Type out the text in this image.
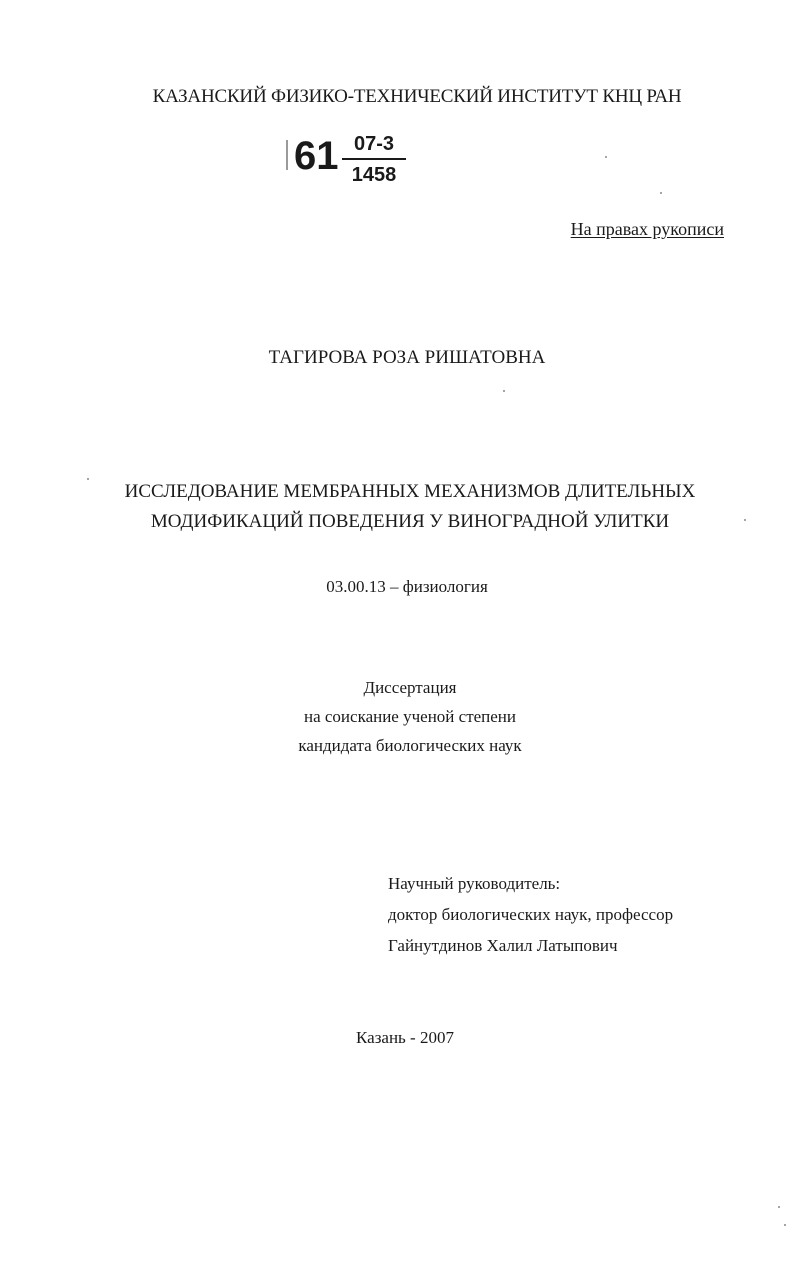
КАЗАНСКИЙ ФИЗИКО-ТЕХНИЧЕСКИЙ ИНСТИТУТ КНЦ РАН
61 07-3
1458
На правах рукописи
ТАГИРОВА РОЗА РИШАТОВНА
ИССЛЕДОВАНИЕ МЕМБРАННЫХ МЕХАНИЗМОВ ДЛИТЕЛЬНЫХ
МОДИФИКАЦИЙ ПОВЕДЕНИЯ У ВИНОГРАДНОЙ УЛИТКИ
03.00.13 – физиология
Диссертация
на соискание ученой степени
кандидата биологических наук
Научный руководитель:
доктор биологических наук, профессор
Гайнутдинов Халил Латыпович
Казань - 2007
